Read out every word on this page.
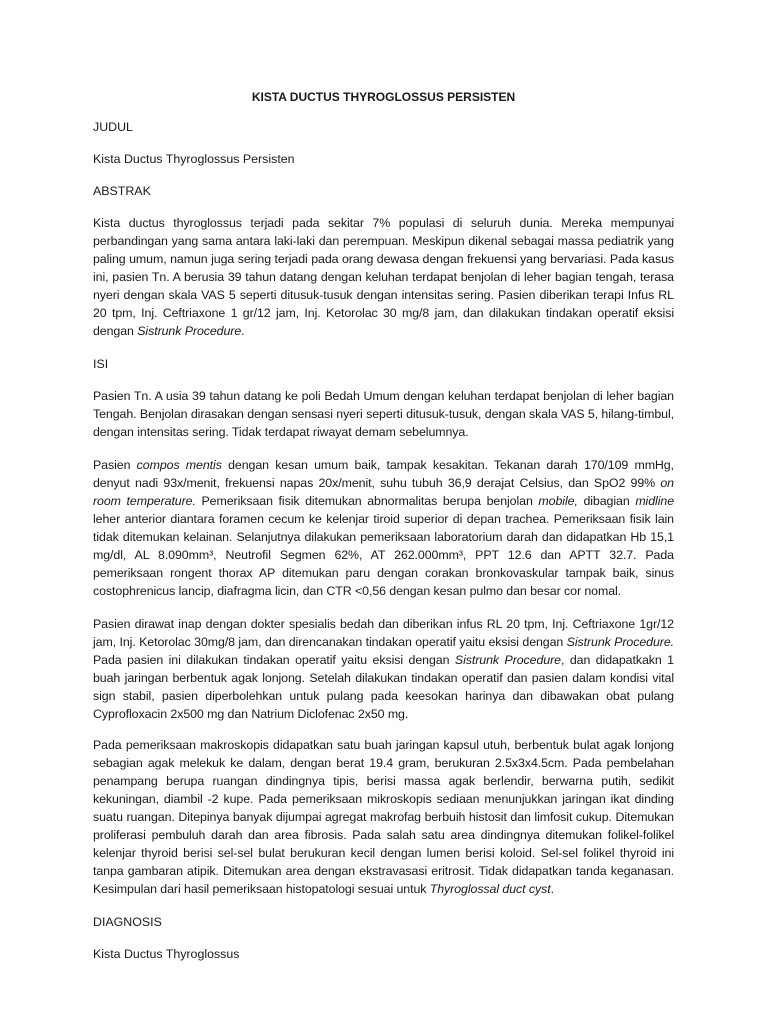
KISTA DUCTUS THYROGLOSSUS PERSISTEN
JUDUL
Kista Ductus Thyroglossus Persisten
ABSTRAK

Kista ductus thyroglossus terjadi pada sekitar 7% populasi di seluruh dunia. Mereka mempunyai perbandingan yang sama antara laki-laki dan perempuan. Meskipun dikenal sebagai massa pediatrik yang paling umum, namun juga sering terjadi pada orang dewasa dengan frekuensi yang bervariasi. Pada kasus ini, pasien Tn. A berusia 39 tahun datang dengan keluhan terdapat benjolan di leher bagian tengah, terasa nyeri dengan skala VAS 5 seperti ditusuk-tusuk dengan intensitas sering. Pasien diberikan terapi Infus RL 20 tpm, Inj. Ceftriaxone 1 gr/12 jam, Inj. Ketorolac 30 mg/8 jam, dan dilakukan tindakan operatif eksisi dengan Sistrunk Procedure.

ISI

Pasien Tn. A usia 39 tahun datang ke poli Bedah Umum dengan keluhan terdapat benjolan di leher bagian Tengah. Benjolan dirasakan dengan sensasi nyeri seperti ditusuk-tusuk, dengan skala VAS 5, hilang-timbul, dengan intensitas sering. Tidak terdapat riwayat demam sebelumnya.

Pasien compos mentis dengan kesan umum baik, tampak kesakitan. Tekanan darah 170/109 mmHg, denyut nadi 93x/menit, frekuensi napas 20x/menit, suhu tubuh 36,9 derajat Celsius, dan SpO2 99% on room temperature. Pemeriksaan fisik ditemukan abnormalitas berupa benjolan mobile, dibagian midline leher anterior diantara foramen cecum ke kelenjar tiroid superior di depan trachea. Pemeriksaan fisik lain tidak ditemukan kelainan. Selanjutnya dilakukan pemeriksaan laboratorium darah dan didapatkan Hb 15,1 mg/dl, AL 8.090mm³, Neutrofil Segmen 62%, AT 262.000mm³, PPT 12.6 dan APTT 32.7. Pada pemeriksaan rongent thorax AP ditemukan paru dengan corakan bronkovaskular tampak baik, sinus costophrenicus lancip, diafragma licin, dan CTR <0,56 dengan kesan pulmo dan besar cor nomal.

Pasien dirawat inap dengan dokter spesialis bedah dan diberikan infus RL 20 tpm, Inj. Ceftriaxone 1gr/12 jam, Inj. Ketorolac 30mg/8 jam, dan direncanakan tindakan operatif yaitu eksisi dengan Sistrunk Procedure. Pada pasien ini dilakukan tindakan operatif yaitu eksisi dengan Sistrunk Procedure, dan didapatkakn 1 buah jaringan berbentuk agak lonjong. Setelah dilakukan tindakan operatif dan pasien dalam kondisi vital sign stabil, pasien diperbolehkan untuk pulang pada keesokan harinya dan dibawakan obat pulang Cyprofloxacin 2x500 mg dan Natrium Diclofenac 2x50 mg.

Pada pemeriksaan makroskopis didapatkan satu buah jaringan kapsul utuh, berbentuk bulat agak lonjong sebagian agak melekuk ke dalam, dengan berat 19.4 gram, berukuran 2.5x3x4.5cm. Pada pembelahan penampang berupa ruangan dindingnya tipis, berisi massa agak berlendir, berwarna putih, sedikit kekuningan, diambil -2 kupe. Pada pemeriksaan mikroskopis sediaan menunjukkan jaringan ikat dinding suatu ruangan. Ditepinya banyak dijumpai agregat makrofag berbuih histosit dan limfosit cukup. Ditemukan proliferasi pembuluh darah dan area fibrosis. Pada salah satu area dindingnya ditemukan folikel-folikel kelenjar thyroid berisi sel-sel bulat berukuran kecil dengan lumen berisi koloid. Sel-sel folikel thyroid ini tanpa gambaran atipik. Ditemukan area dengan ekstravasasi eritrosit. Tidak didapatkan tanda keganasan. Kesimpulan dari hasil pemeriksaan histopatologi sesuai untuk Thyroglossal duct cyst.

DIAGNOSIS
Kista Ductus Thyroglossus
